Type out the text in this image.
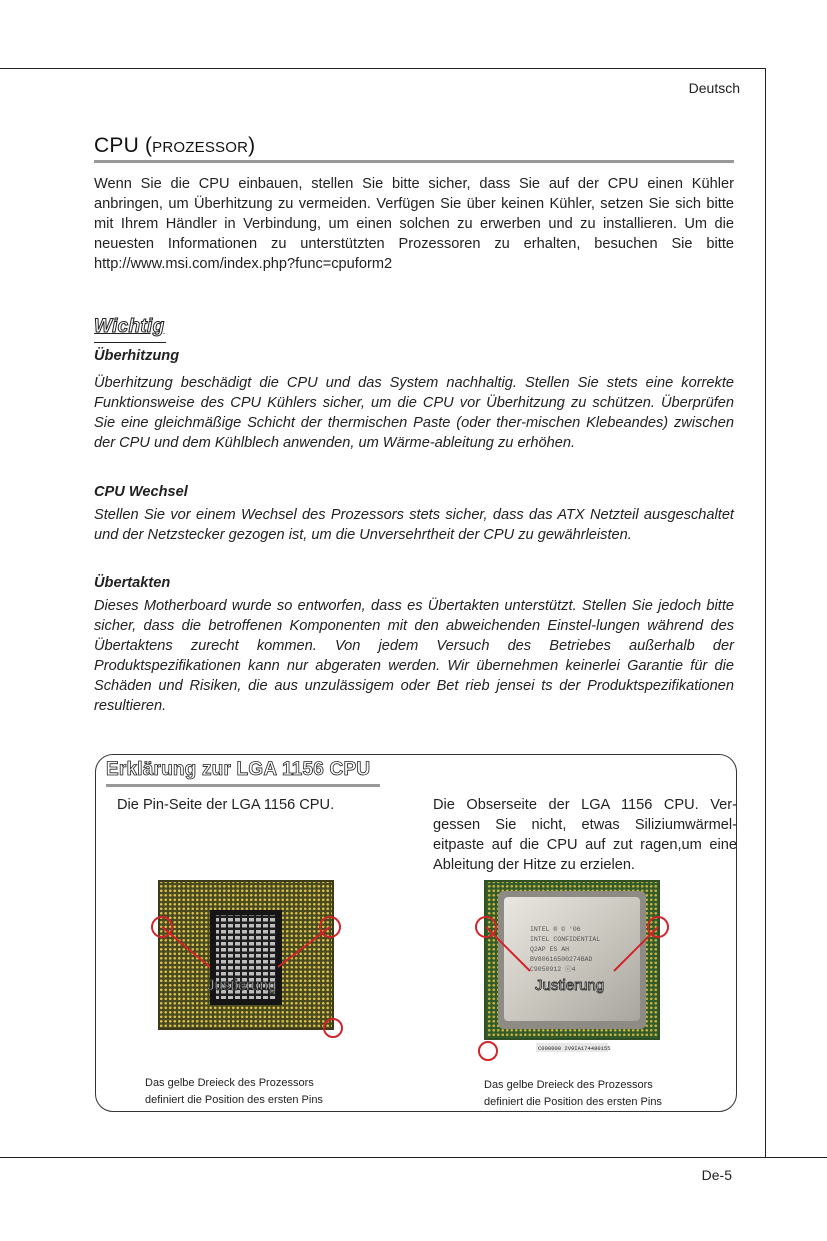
Deutsch
De-5
CPU (PROZESSOR)
Wenn Sie die CPU einbauen, stellen Sie bitte sicher, dass Sie auf der CPU einen Kühler anbringen, um Überhitzung zu vermeiden. Verfügen Sie über keinen Kühler, setzen Sie sich bitte mit Ihrem Händler in Verbindung, um einen solchen zu erwerben und zu installieren. Um die neuesten Informationen zu unterstützten Prozessoren zu erhalten, besuchen Sie bitte http://www.msi.com/index.php?func=cpuform2
Wichtig
Überhitzung
Überhitzung beschädigt die CPU und das System nachhaltig. Stellen Sie stets eine korrekte Funktionsweise des CPU Kühlers sicher, um die CPU vor Überhitzung zu schützen. Überprüfen Sie eine gleichmäßige Schicht der thermischen Paste (oder ther-mischen Klebeandes) zwischen der CPU und dem Kühlblech anwenden, um Wärme-ableitung zu erhöhen.
CPU Wechsel
Stellen Sie vor einem Wechsel des Prozessors stets sicher, dass das ATX Netzteil ausgeschaltet und der Netzstecker gezogen ist, um die Unversehrtheit der CPU zu gewährleisten.
Übertakten
Dieses Motherboard wurde so entworfen, dass es Übertakten unterstützt. Stellen Sie jedoch bitte sicher, dass die betroffenen Komponenten mit den abweichenden Einstel-lungen während des Übertaktens zurecht kommen. Von jedem Versuch des Betriebes außerhalb der Produktspezifikationen kann nur abgeraten werden. Wir übernehmen keinerlei Garantie für die Schäden und Risiken, die aus unzulässigem oder Bet rieb jensei ts der Produktspezifikationen resultieren.
Erklärung zur LGA 1156 CPU
Die Pin-Seite der LGA 1156 CPU.	Die Obserseite der LGA 1156 CPU. Ver-gessen Sie nicht, etwas Siliziumwärmel-eitpaste auf die CPU auf zut ragen,um eine Ableitung der Hitze zu erzielen.
Justierung
INTEL ® © '06
INTEL CONFIDENTIAL
Q2AP ES AH
BV80616500274BAD
C9050912 ⓔ4
C000000 2V9IA174480155
Justierung
Das gelbe Dreieck des Prozessors
definiert die Position des ersten Pins
Das gelbe Dreieck des Prozessors
definiert die Position des ersten Pins
